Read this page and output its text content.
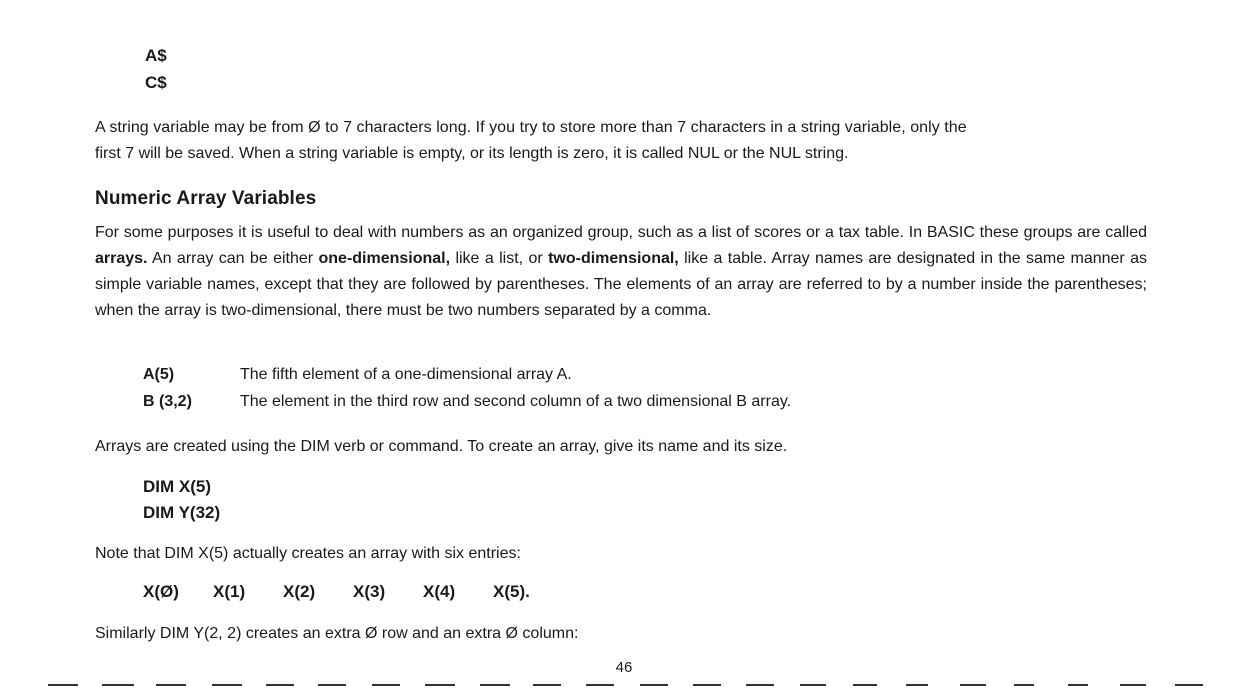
A$
C$
A string variable may be from Ø to 7 characters long. If you try to store more than 7 characters in a string variable, only the
first 7 will be saved. When a string variable is empty, or its length is zero, it is called NUL or the NUL string.
Numeric Array Variables
For some purposes it is useful to deal with numbers as an organized group, such as a list of scores or a tax table. In BASIC these groups are called arrays. An array can be either one-dimensional, like a list, or two-dimensional, like a table. Array names are designated in the same manner as simple variable names, except that they are followed by parentheses. The elements of an array are referred to by a number inside the parentheses; when the array is two-dimensional, there must be two numbers separated by a comma.
A(5)	The fifth element of a one-dimensional array A.
B (3,2)	The element in the third row and second column of a two dimensional B array.
Arrays are created using the DIM verb or command. To create an array, give its name and its size.
DIM X(5)
DIM Y(32)
Note that DIM X(5) actually creates an array with six entries:
X(Ø) X(1) X(2) X(3) X(4) X(5).
Similarly DIM Y(2, 2) creates an extra Ø row and an extra Ø column:
46
